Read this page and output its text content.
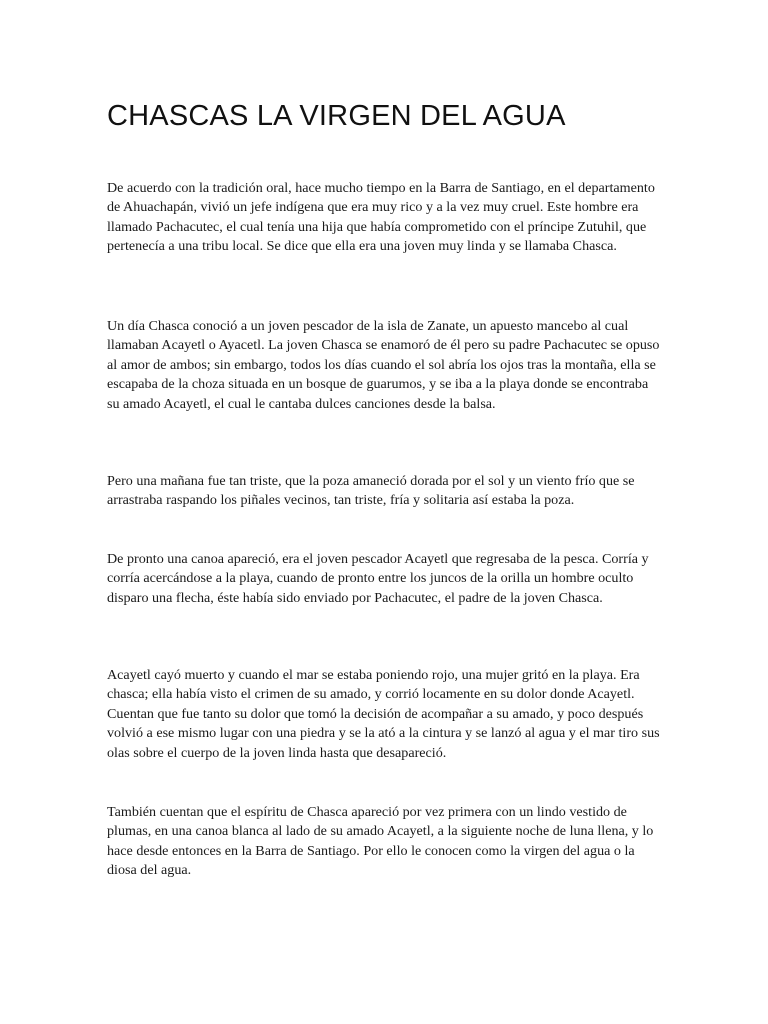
CHASCAS LA VIRGEN DEL AGUA

De acuerdo con la tradición oral, hace mucho tiempo en la Barra de Santiago, en el departamento de Ahuachapán, vivió un jefe indígena que era muy rico y a la vez muy cruel. Este hombre era llamado Pachacutec, el cual tenía una hija que había comprometido con el príncipe Zutuhil, que pertenecía a una tribu local. Se dice que ella era una joven muy linda y se llamaba Chasca.

Un día Chasca conoció a un joven pescador de la isla de Zanate, un apuesto mancebo al cual llamaban Acayetl o Ayacetl. La joven Chasca se enamoró de él pero su padre Pachacutec se opuso al amor de ambos; sin embargo, todos los días cuando el sol abría los ojos tras la montaña, ella se escapaba de la choza situada en un bosque de guarumos, y se iba a la playa donde se encontraba su amado Acayetl, el cual le cantaba dulces canciones desde la balsa.

Pero una mañana fue tan triste, que la poza amaneció dorada por el sol y un viento frío que se arrastraba raspando los piñales vecinos, tan triste, fría y solitaria así estaba la poza.

De pronto una canoa apareció, era el joven pescador Acayetl que regresaba de la pesca. Corría y corría acercándose a la playa, cuando de pronto entre los juncos de la orilla un hombre oculto disparo una flecha, éste había sido enviado por Pachacutec, el padre de la joven Chasca.

Acayetl cayó muerto y cuando el mar se estaba poniendo rojo, una mujer gritó en la playa. Era chasca; ella había visto el crimen de su amado, y corrió locamente en su dolor donde Acayetl. Cuentan que fue tanto su dolor que tomó la decisión de acompañar a su amado, y poco después volvió a ese mismo lugar con una piedra y se la ató a la cintura y se lanzó al agua y el mar tiro sus olas sobre el cuerpo de la joven linda hasta que desapareció.

También cuentan que el espíritu de Chasca apareció por vez primera con un lindo vestido de plumas, en una canoa blanca al lado de su amado Acayetl, a la siguiente noche de luna llena, y lo hace desde entonces en la Barra de Santiago. Por ello le conocen como la virgen del agua o la diosa del agua.
